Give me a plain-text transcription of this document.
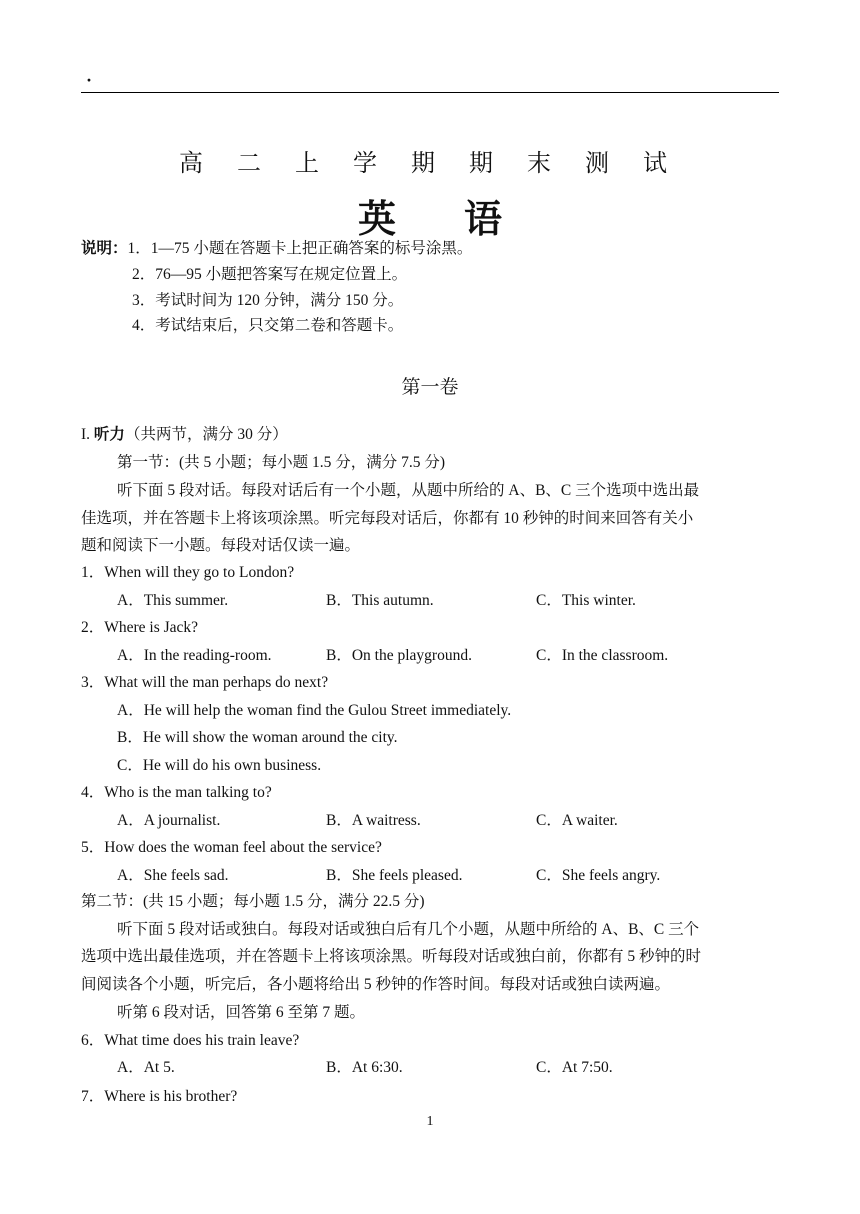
·
高 二 上 学 期 期 末 测 试
英 语
说明：1．1—75 小题在答题卡上把正确答案的标号涂黑。
2．76—95 小题把答案写在规定位置上。
3．考试时间为 120 分钟，满分 150 分。
4．考试结束后，只交第二卷和答题卡。
第一卷
I. 听力（共两节，满分 30 分）
第一节：(共 5 小题；每小题 1.5 分，满分 7.5 分)
听下面 5 段对话。每段对话后有一个小题，从题中所给的 A、B、C 三个选项中选出最
佳选项，并在答题卡上将该项涂黑。听完每段对话后，你都有 10 秒钟的时间来回答有关小
题和阅读下一小题。每段对话仅读一遍。
1．When will they go to London?
A．This summer.	B．This autumn.	C．This winter.
2．Where is Jack?
A．In the reading-room.	B．On the playground.	C．In the classroom.
3．What will the man perhaps do next?
A．He will help the woman find the Gulou Street immediately.
B．He will show the woman around the city.
C．He will do his own business.
4．Who is the man talking to?
A．A journalist.	B．A waitress.	C．A waiter.
5．How does the woman feel about the service?
A．She feels sad.	B．She feels pleased.	C．She feels angry.
第二节：(共 15 小题；每小题 1.5 分，满分 22.5 分)
听下面 5 段对话或独白。每段对话或独白后有几个小题，从题中所给的 A、B、C 三个
选项中选出最佳选项，并在答题卡上将该项涂黑。听每段对话或独白前，你都有 5 秒钟的时
间阅读各个小题，听完后，各小题将给出 5 秒钟的作答时间。每段对话或独白读两遍。
听第 6 段对话，回答第 6 至第 7 题。
6．What time does his train leave?
A．At 5.	B．At 6:30.	C．At 7:50.
7．Where is his brother?
1
